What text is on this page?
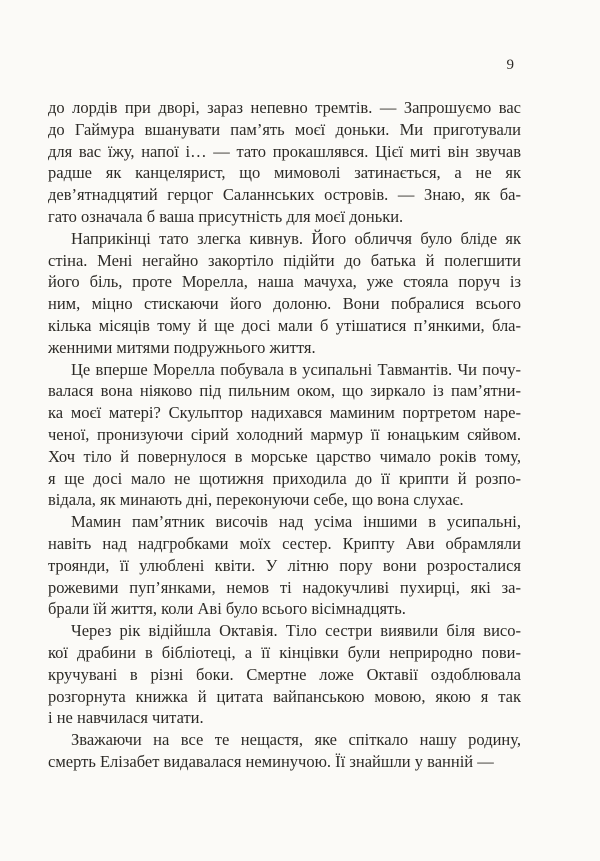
9
до лордів при дворі, зараз непевно тремтів. — Запрошуємо вас
до Гаймура вшанувати пам’ять моєї доньки. Ми приготували
для вас їжу, напої і… — тато прокашлявся. Цієї миті він звучав
радше як канцелярист, що мимоволі затинається, а не як
дев’ятнадцятий герцог Саланнських островів. — Знаю, як ба-
гато означала б ваша присутність для моєї доньки.
Наприкінці тато злегка кивнув. Його обличчя було бліде як
стіна. Мені негайно закортіло підійти до батька й полегшити
його біль, проте Морелла, наша мачуха, уже стояла поруч із
ним, міцно стискаючи його долоню. Вони побралися всього
кілька місяців тому й ще досі мали б утішатися п’янкими, бла-
женними митями подружнього життя.
Це вперше Морелла побувала в усипальні Тавмантів. Чи почу-
валася вона ніяково під пильним оком, що зиркало із пам’ятни-
ка моєї матері? Скульптор надихався маминим портретом наре-
ченої, пронизуючи сірий холодний мармур її юнацьким сяйвом.
Хоч тіло й повернулося в морське царство чимало років тому,
я ще досі мало не щотижня приходила до її крипти й розпо-
відала, як минають дні, переконуючи себе, що вона слухає.
Мамин пам’ятник височів над усіма іншими в усипальні,
навіть над надгробками моїх сестер. Крипту Ави обрамляли
троянди, її улюблені квіти. У літню пору вони розросталися
рожевими пуп’янками, немов ті надокучливі пухирці, які за-
брали їй життя, коли Аві було всього вісімнадцять.
Через рік відійшла Октавія. Тіло сестри виявили біля висо-
кої драбини в бібліотеці, а її кінцівки були неприродно пови-
кручувані в різні боки. Смертне ложе Октавії оздоблювала
розгорнута книжка й цитата вайпанською мовою, якою я так
і не навчилася читати.
Зважаючи на все те нещастя, яке спіткало нашу родину,
смерть Елізабет видавалася неминучою. Її знайшли у ванній —
